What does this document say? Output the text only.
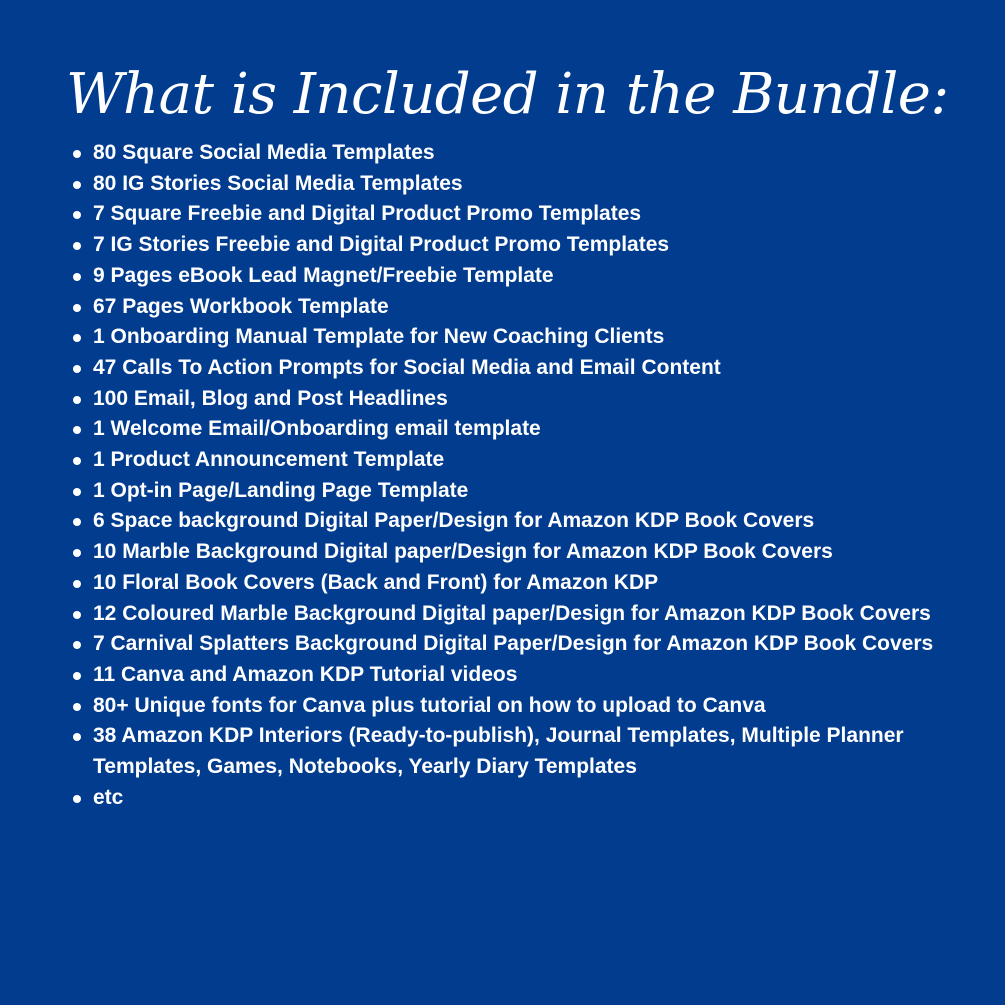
What is Included in the Bundle:
80 Square Social Media Templates
80 IG Stories Social Media Templates
7 Square Freebie and Digital Product Promo Templates
7 IG Stories Freebie and Digital Product Promo Templates
9 Pages eBook Lead Magnet/Freebie Template
67 Pages Workbook Template
1 Onboarding Manual Template for New Coaching Clients
47 Calls To Action Prompts for Social Media and Email Content
100 Email, Blog and Post Headlines
1 Welcome Email/Onboarding email template
1 Product Announcement Template
1 Opt-in Page/Landing Page Template
6 Space background Digital Paper/Design for Amazon KDP Book Covers
10 Marble Background Digital paper/Design for Amazon KDP Book Covers
10 Floral Book Covers (Back and Front) for Amazon KDP
12 Coloured Marble Background Digital paper/Design for Amazon KDP Book Covers
7 Carnival Splatters Background Digital Paper/Design for Amazon KDP Book Covers
11 Canva and Amazon KDP Tutorial videos
80+ Unique fonts for Canva plus tutorial on how to upload to Canva
38 Amazon KDP Interiors (Ready-to-publish), Journal Templates, Multiple Planner Templates, Games, Notebooks, Yearly Diary Templates
etc
